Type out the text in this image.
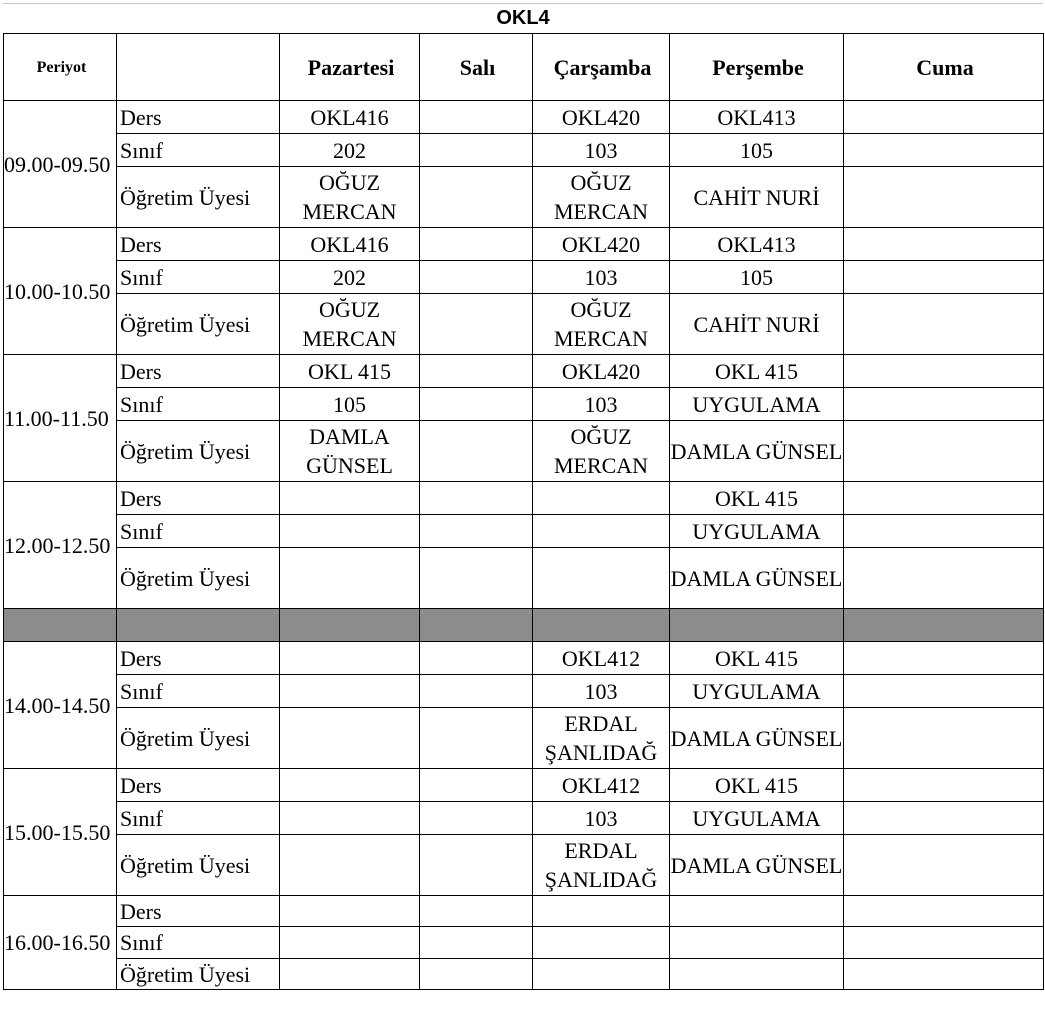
OKL4
Periyot		Pazartesi	Salı	Çarşamba	Perşembe	Cuma
09.00-09.50	Ders	OKL416		OKL420	OKL413	
	Sınıf	202		103	105	
	Öğretim Üyesi	OĞUZ MERCAN		OĞUZ MERCAN	CAHİT NURİ	
10.00-10.50	Ders	OKL416		OKL420	OKL413	
	Sınıf	202		103	105	
	Öğretim Üyesi	OĞUZ MERCAN		OĞUZ MERCAN	CAHİT NURİ	
11.00-11.50	Ders	OKL 415		OKL420	OKL 415	
	Sınıf	105		103	UYGULAMA	
	Öğretim Üyesi	DAMLA GÜNSEL		OĞUZ MERCAN	DAMLA GÜNSEL	
12.00-12.50	Ders				OKL 415	
	Sınıf				UYGULAMA	
	Öğretim Üyesi				DAMLA GÜNSEL	

14.00-14.50	Ders			OKL412	OKL 415	
	Sınıf			103	UYGULAMA	
	Öğretim Üyesi			ERDAL ŞANLIDAĞ	DAMLA GÜNSEL	
15.00-15.50	Ders			OKL412	OKL 415	
	Sınıf			103	UYGULAMA	
	Öğretim Üyesi			ERDAL ŞANLIDAĞ	DAMLA GÜNSEL	
16.00-16.50	Ders					
	Sınıf					
	Öğretim Üyesi					
